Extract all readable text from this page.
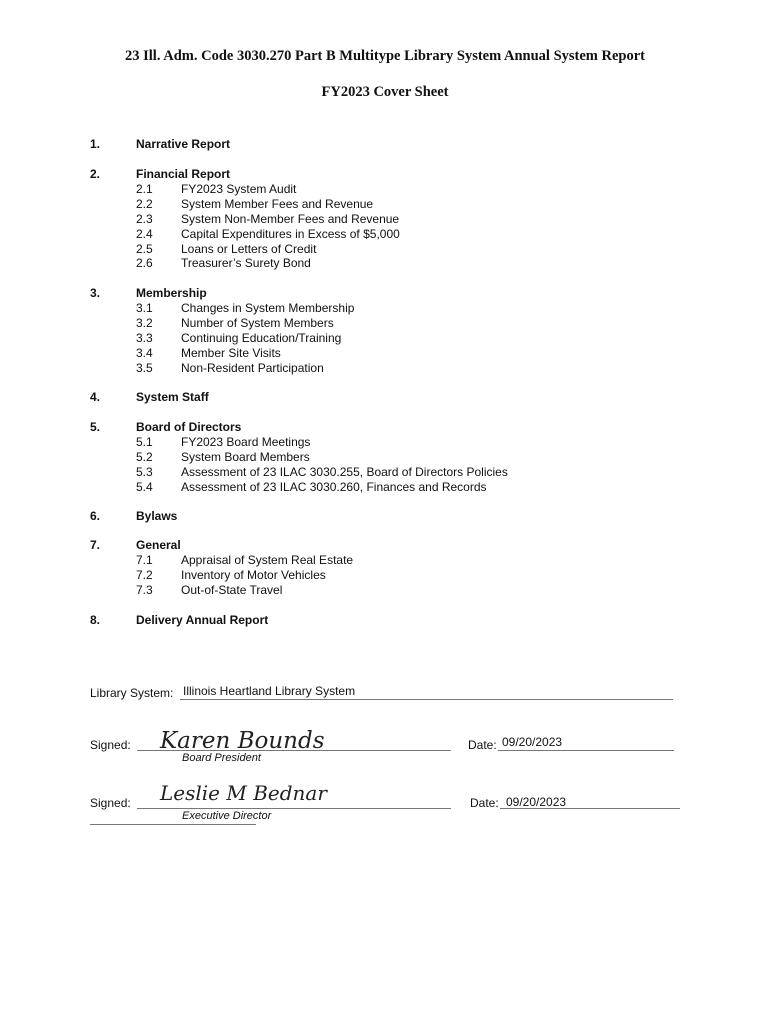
23 Ill. Adm. Code 3030.270 Part B Multitype Library System Annual System Report
FY2023 Cover Sheet
1.	Narrative Report
2.	Financial Report
2.1 FY2023 System Audit
2.2 System Member Fees and Revenue
2.3 System Non-Member Fees and Revenue
2.4 Capital Expenditures in Excess of $5,000
2.5 Loans or Letters of Credit
2.6 Treasurer’s Surety Bond
3.	Membership
3.1 Changes in System Membership
3.2 Number of System Members
3.3 Continuing Education/Training
3.4 Member Site Visits
3.5 Non-Resident Participation
4.	System Staff
5.	Board of Directors
5.1 FY2023 Board Meetings
5.2 System Board Members
5.3 Assessment of 23 ILAC 3030.255, Board of Directors Policies
5.4 Assessment of 23 ILAC 3030.260, Finances and Records
6.	Bylaws
7.	General
7.1 Appraisal of System Real Estate
7.2 Inventory of Motor Vehicles
7.3 Out-of-State Travel
8.	Delivery Annual Report
Library System: Illinois Heartland Library System
Signed: Karen Bounds
Board President
Date: 09/20/2023
Signed: Leslie M Bednar
Executive Director
Date: 09/20/2023
